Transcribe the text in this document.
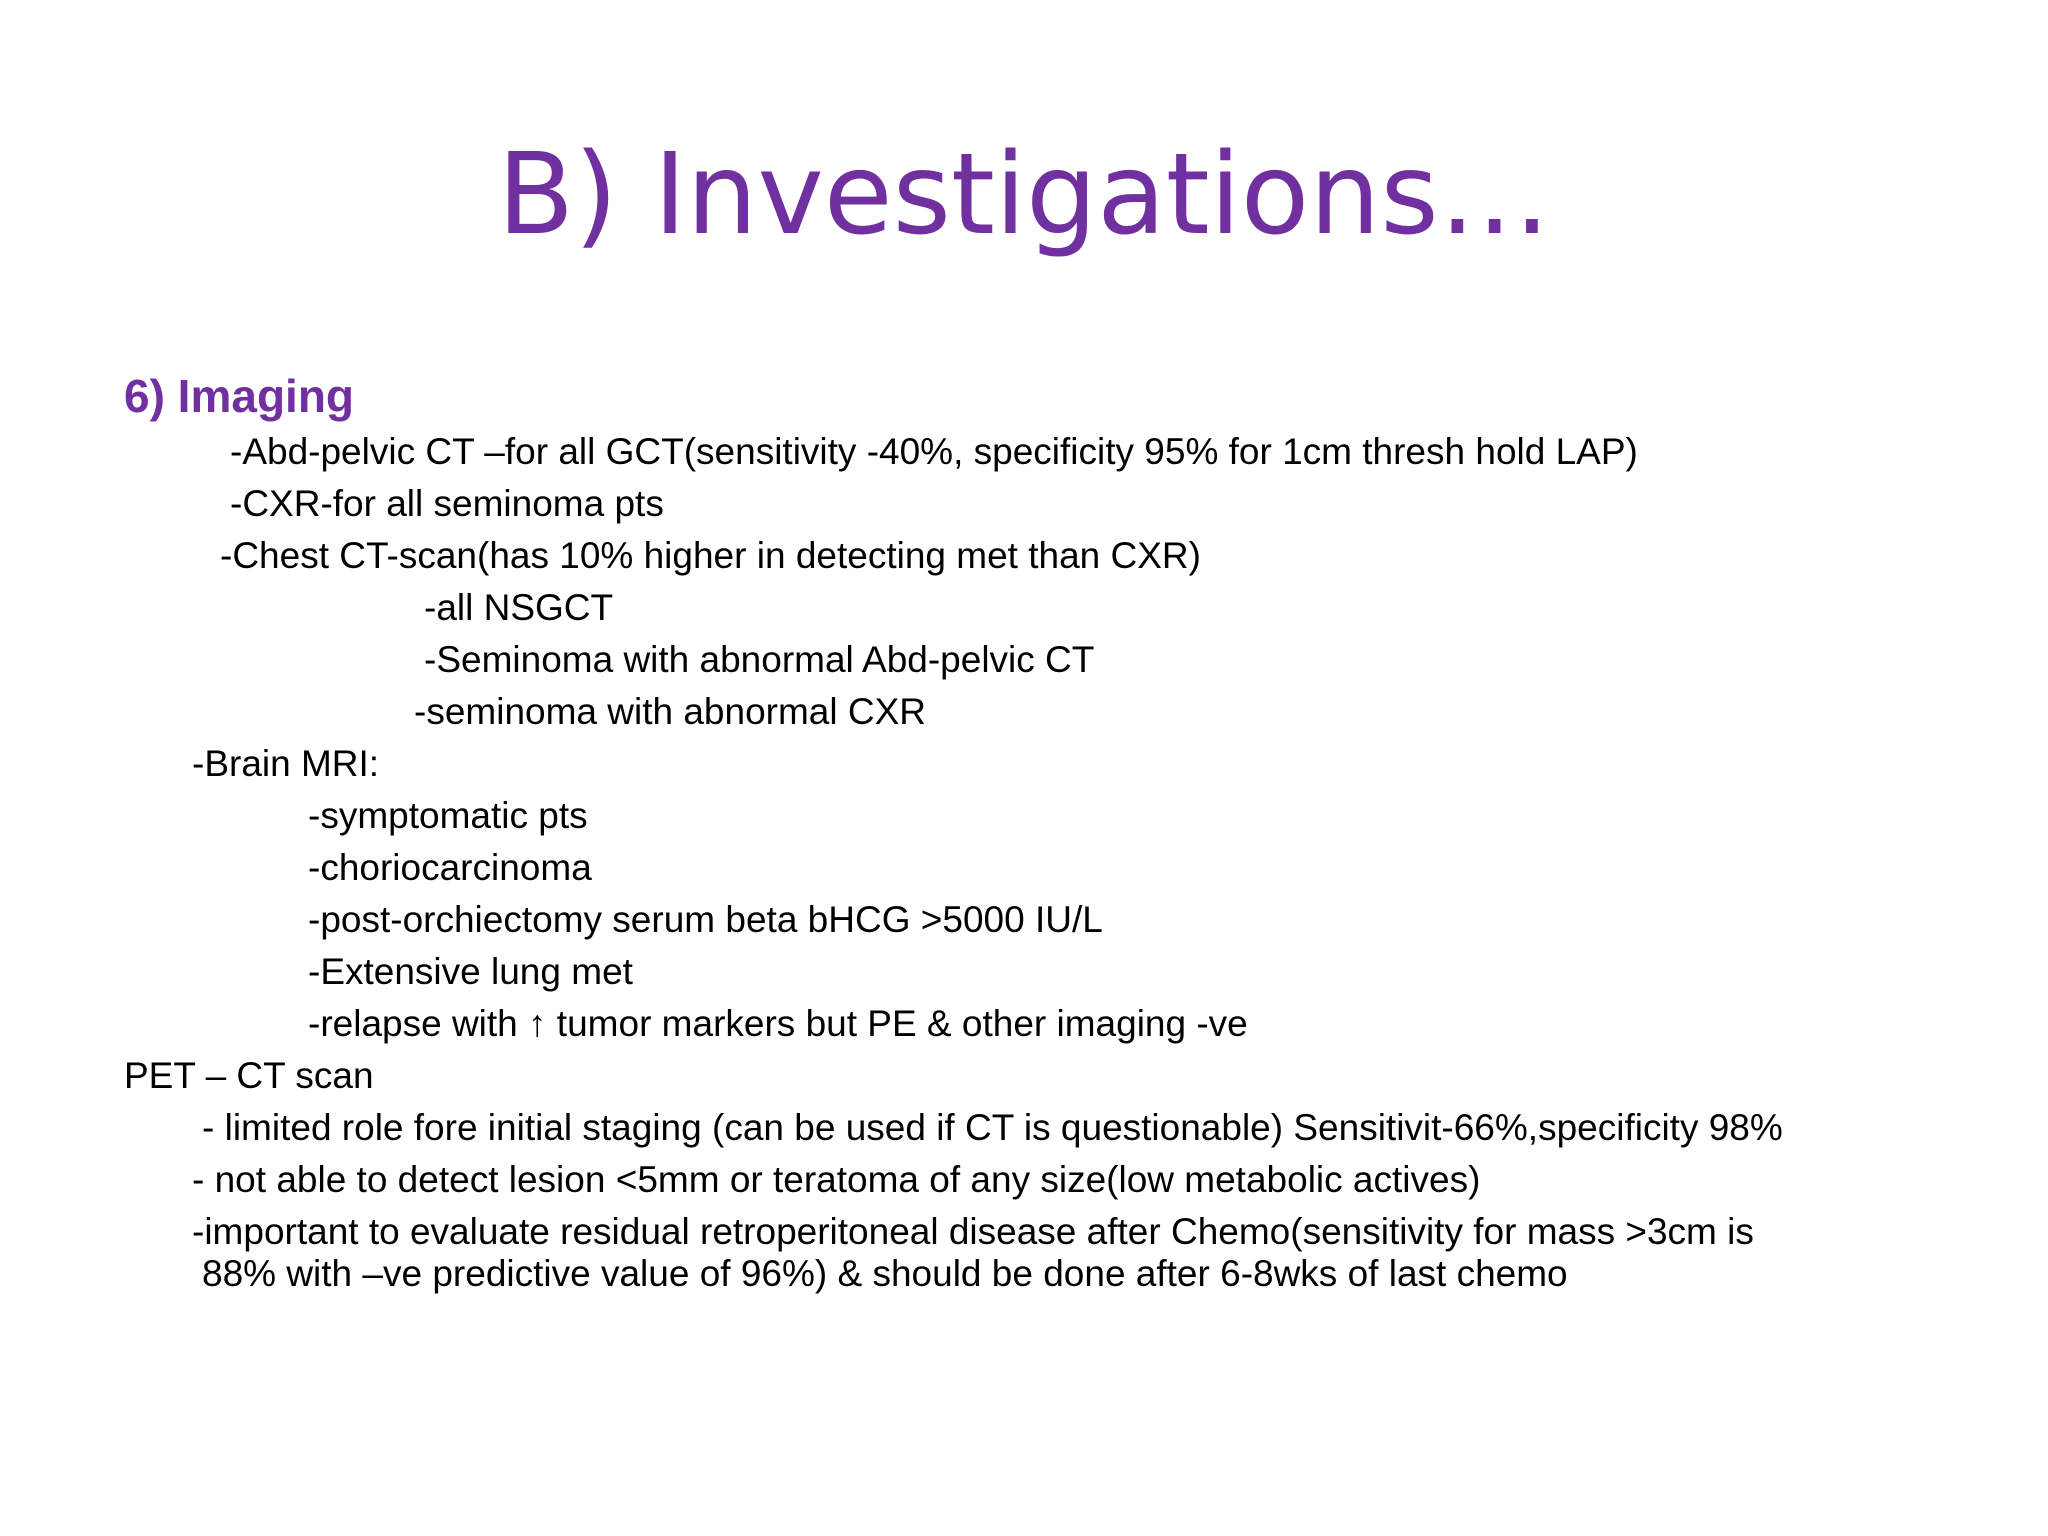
B) Investigations…
6) Imaging
-Abd-pelvic CT –for all GCT(sensitivity -40%, specificity 95% for 1cm thresh hold LAP)
-CXR-for all seminoma pts
-Chest CT-scan(has 10% higher in detecting met than CXR)
-all NSGCT
-Seminoma with abnormal Abd-pelvic CT
-seminoma with abnormal CXR
-Brain MRI:
-symptomatic pts
-choriocarcinoma
-post-orchiectomy serum beta bHCG >5000 IU/L
-Extensive lung met
-relapse with ↑ tumor markers but PE & other imaging -ve
PET – CT scan
- limited role fore initial staging (can be used if CT is questionable) Sensitivit-66%,specificity 98%
- not able to detect lesion <5mm or teratoma of any size(low metabolic actives)
-important to evaluate residual retroperitoneal disease after Chemo(sensitivity for mass >3cm is
88% with –ve predictive value of 96%) & should be done after 6-8wks of last chemo
